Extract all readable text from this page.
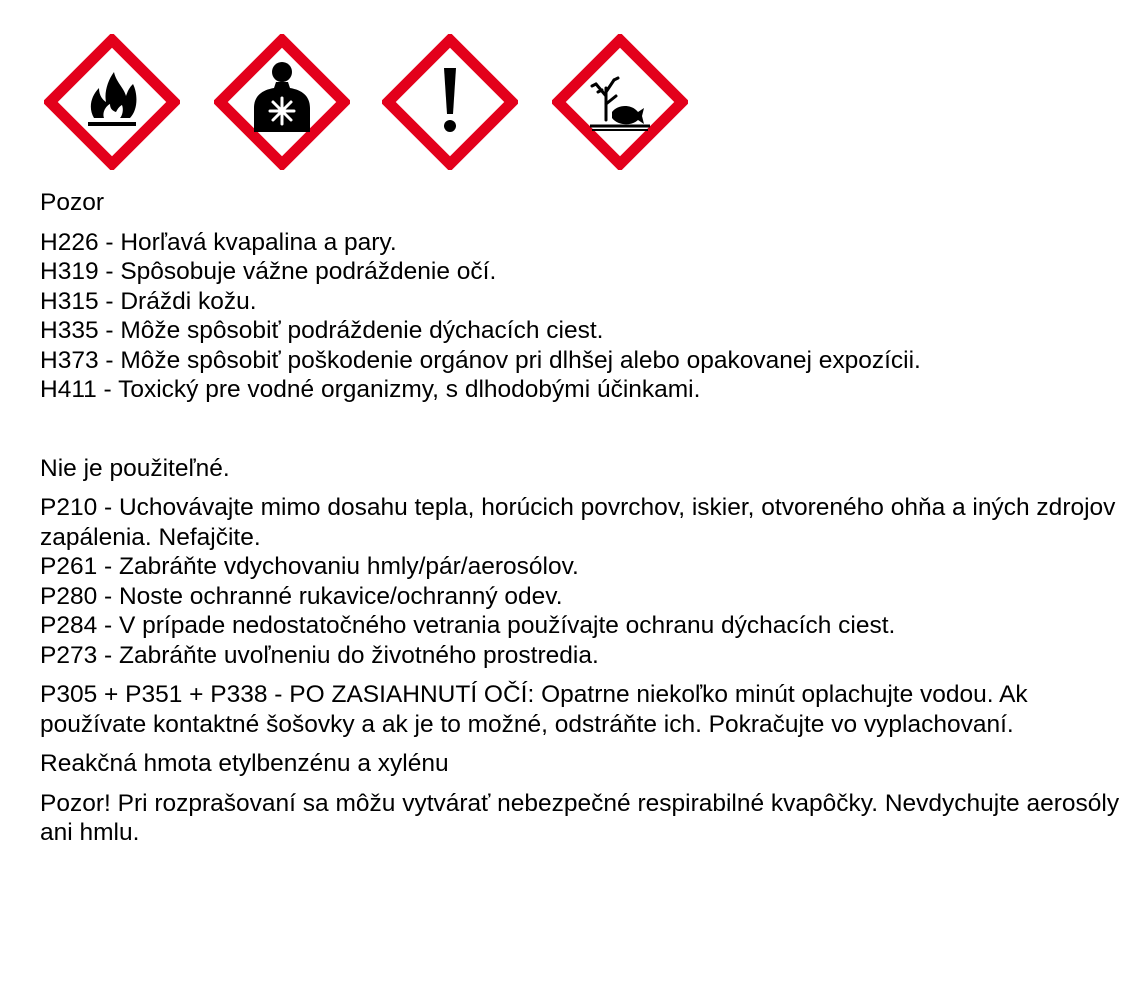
Pozor

H226 - Horľavá kvapalina a pary.

H319 - Spôsobuje vážne podráždenie očí.

H315 - Dráždi kožu.

H335 - Môže spôsobiť podráždenie dýchacích ciest.

H373 - Môže spôsobiť poškodenie orgánov pri dlhšej alebo opakovanej expozícii.

H411 - Toxický pre vodné organizmy, s dlhodobými účinkami.

Nie je použiteľné.

P210 - Uchovávajte mimo dosahu tepla, horúcich povrchov, iskier, otvoreného ohňa a iných zdrojov zapálenia. Nefajčite.

P261 - Zabráňte vdychovaniu hmly/pár/aerosólov.

P280 - Noste ochranné rukavice/ochranný odev.

P284 - V prípade nedostatočného vetrania používajte ochranu dýchacích ciest.

P273 - Zabráňte uvoľneniu do životného prostredia.

P305 + P351 + P338 - PO ZASIAHNUTÍ OČÍ: Opatrne niekoľko minút oplachujte vodou. Ak používate kontaktné šošovky a ak je to možné, odstráňte ich. Pokračujte vo vyplachovaní.

Reakčná hmota etylbenzénu a xylénu

Pozor! Pri rozprašovaní sa môžu vytvárať nebezpečné respirabilné kvapôčky. Nevdychujte aerosóly ani hmlu.
